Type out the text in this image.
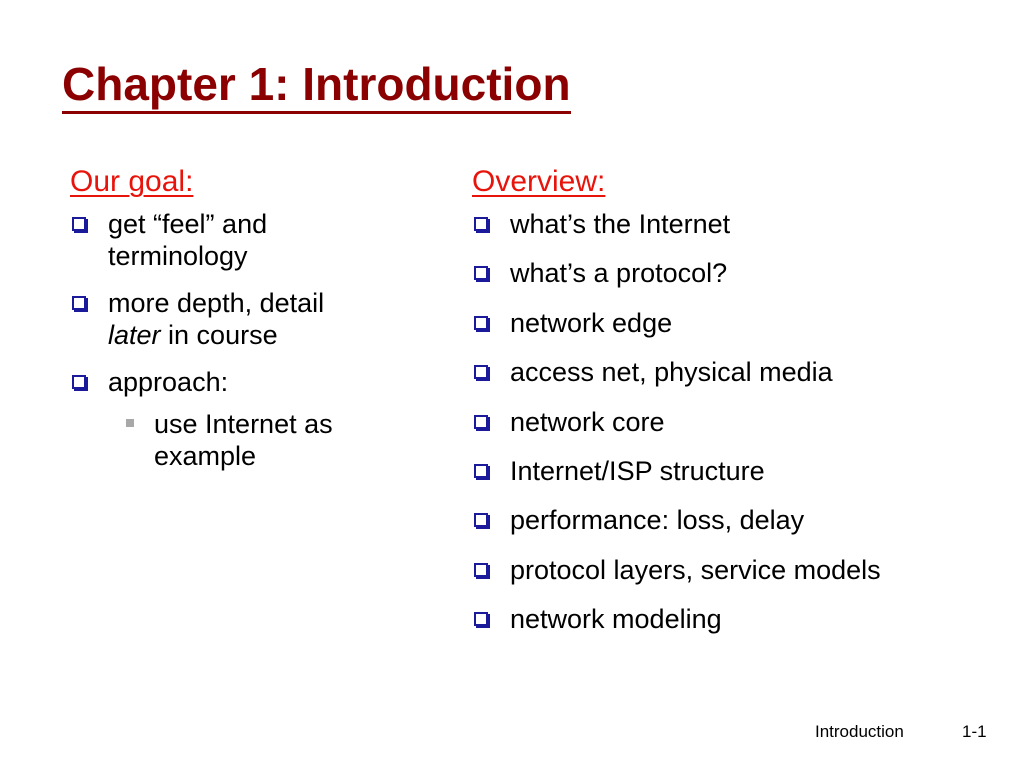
Chapter 1: Introduction
Our goal:
get “feel” and terminology
more depth, detail
later in course
approach:
use Internet as example
Overview:
what’s the Internet
what’s a protocol?
network edge
access net, physical media
network core
Internet/ISP structure
performance: loss, delay
protocol layers, service models
network modeling
Introduction	1-1
